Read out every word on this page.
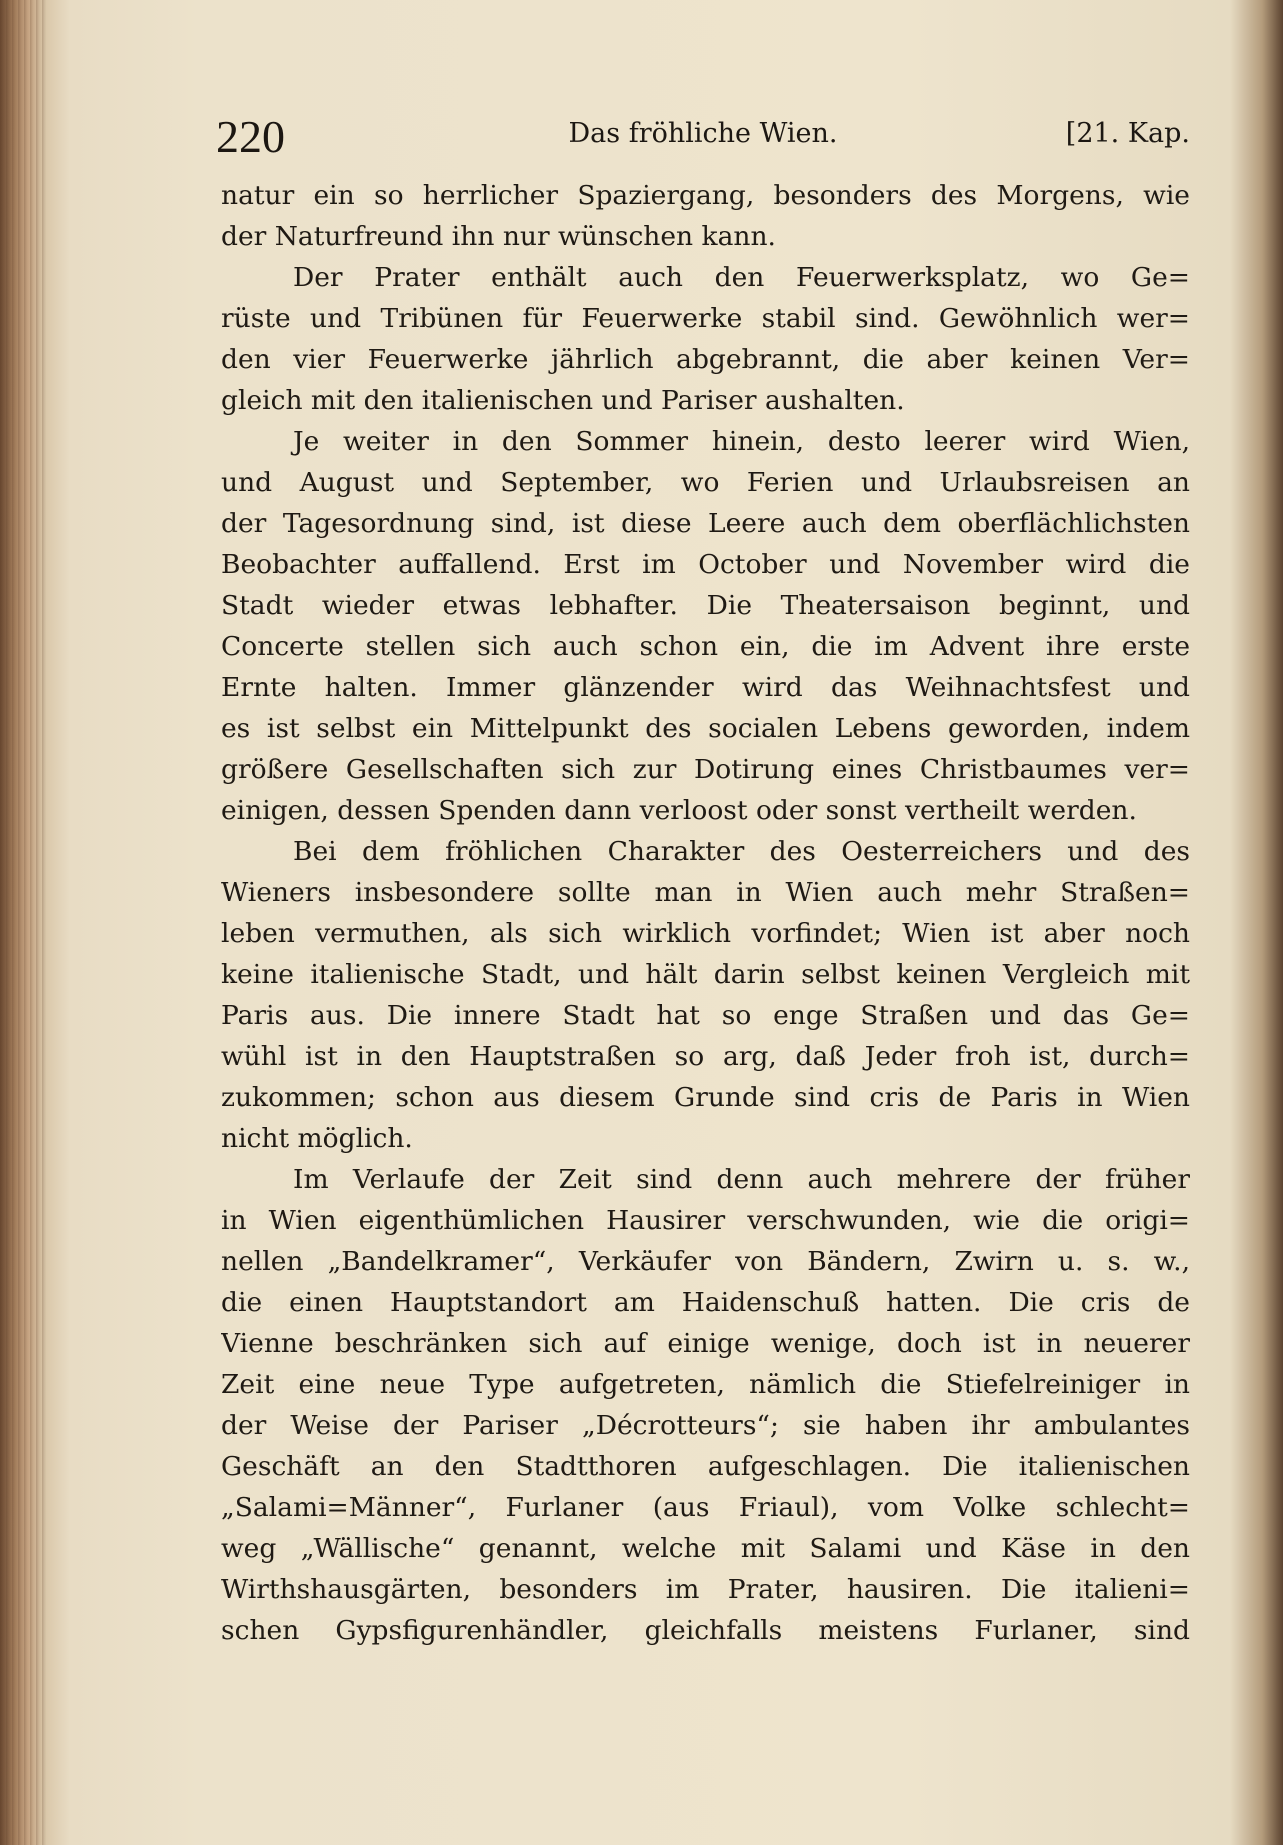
220	Das fröhliche Wien.	[21. Kap.
natur ein so herrlicher Spaziergang, besonders des Morgens, wie
der Naturfreund ihn nur wünschen kann.
Der Prater enthält auch den Feuerwerksplatz, wo Ge=
rüste und Tribünen für Feuerwerke stabil sind. Gewöhnlich wer=
den vier Feuerwerke jährlich abgebrannt, die aber keinen Ver=
gleich mit den italienischen und Pariser aushalten.
Je weiter in den Sommer hinein, desto leerer wird Wien,
und August und September, wo Ferien und Urlaubsreisen an
der Tagesordnung sind, ist diese Leere auch dem oberflächlichsten
Beobachter auffallend. Erst im October und November wird die
Stadt wieder etwas lebhafter. Die Theatersaison beginnt, und
Concerte stellen sich auch schon ein, die im Advent ihre erste
Ernte halten. Immer glänzender wird das Weihnachtsfest und
es ist selbst ein Mittelpunkt des socialen Lebens geworden, indem
größere Gesellschaften sich zur Dotirung eines Christbaumes ver=
einigen, dessen Spenden dann verloost oder sonst vertheilt werden.
Bei dem fröhlichen Charakter des Oesterreichers und des
Wieners insbesondere sollte man in Wien auch mehr Straßen=
leben vermuthen, als sich wirklich vorfindet; Wien ist aber noch
keine italienische Stadt, und hält darin selbst keinen Vergleich mit
Paris aus. Die innere Stadt hat so enge Straßen und das Ge=
wühl ist in den Hauptstraßen so arg, daß Jeder froh ist, durch=
zukommen; schon aus diesem Grunde sind cris de Paris in Wien
nicht möglich.
Im Verlaufe der Zeit sind denn auch mehrere der früher
in Wien eigenthümlichen Hausirer verschwunden, wie die origi=
nellen „Bandelkramer“, Verkäufer von Bändern, Zwirn u. s. w.,
die einen Hauptstandort am Haidenschuß hatten. Die cris de
Vienne beschränken sich auf einige wenige, doch ist in neuerer
Zeit eine neue Type aufgetreten, nämlich die Stiefelreiniger in
der Weise der Pariser „Décrotteurs“; sie haben ihr ambulantes
Geschäft an den Stadtthoren aufgeschlagen. Die italienischen
„Salami=Männer“, Furlaner (aus Friaul), vom Volke schlecht=
weg „Wällische“ genannt, welche mit Salami und Käse in den
Wirthshausgärten, besonders im Prater, hausiren. Die italieni=
schen Gypsfigurenhändler, gleichfalls meistens Furlaner, sind
